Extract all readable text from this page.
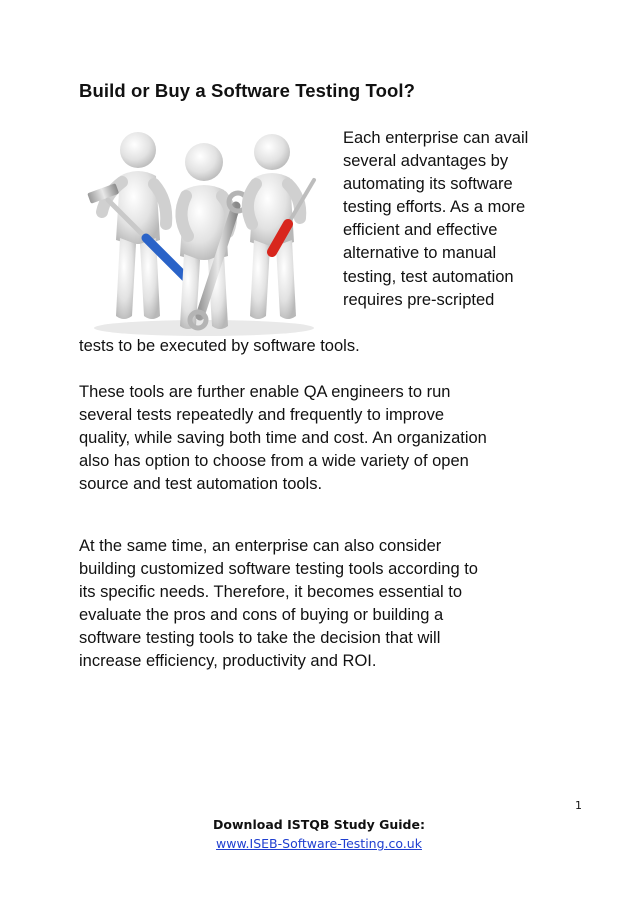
Build or Buy a Software Testing Tool?
Each enterprise can avail
several advantages by
automating its software
testing efforts. As a more
efficient and effective
alternative to manual
testing, test automation
requires pre-scripted
tests to be executed by software tools.
These tools are further enable QA engineers to run
several tests repeatedly and frequently to improve
quality, while saving both time and cost. An organization
also has option to choose from a wide variety of open
source and test automation tools.
At the same time, an enterprise can also consider
building customized software testing tools according to
its specific needs. Therefore, it becomes essential to
evaluate the pros and cons of buying or building a
software testing tools to take the decision that will
increase efficiency, productivity and ROI.
1
Download ISTQB Study Guide:
www.ISEB-Software-Testing.co.uk
